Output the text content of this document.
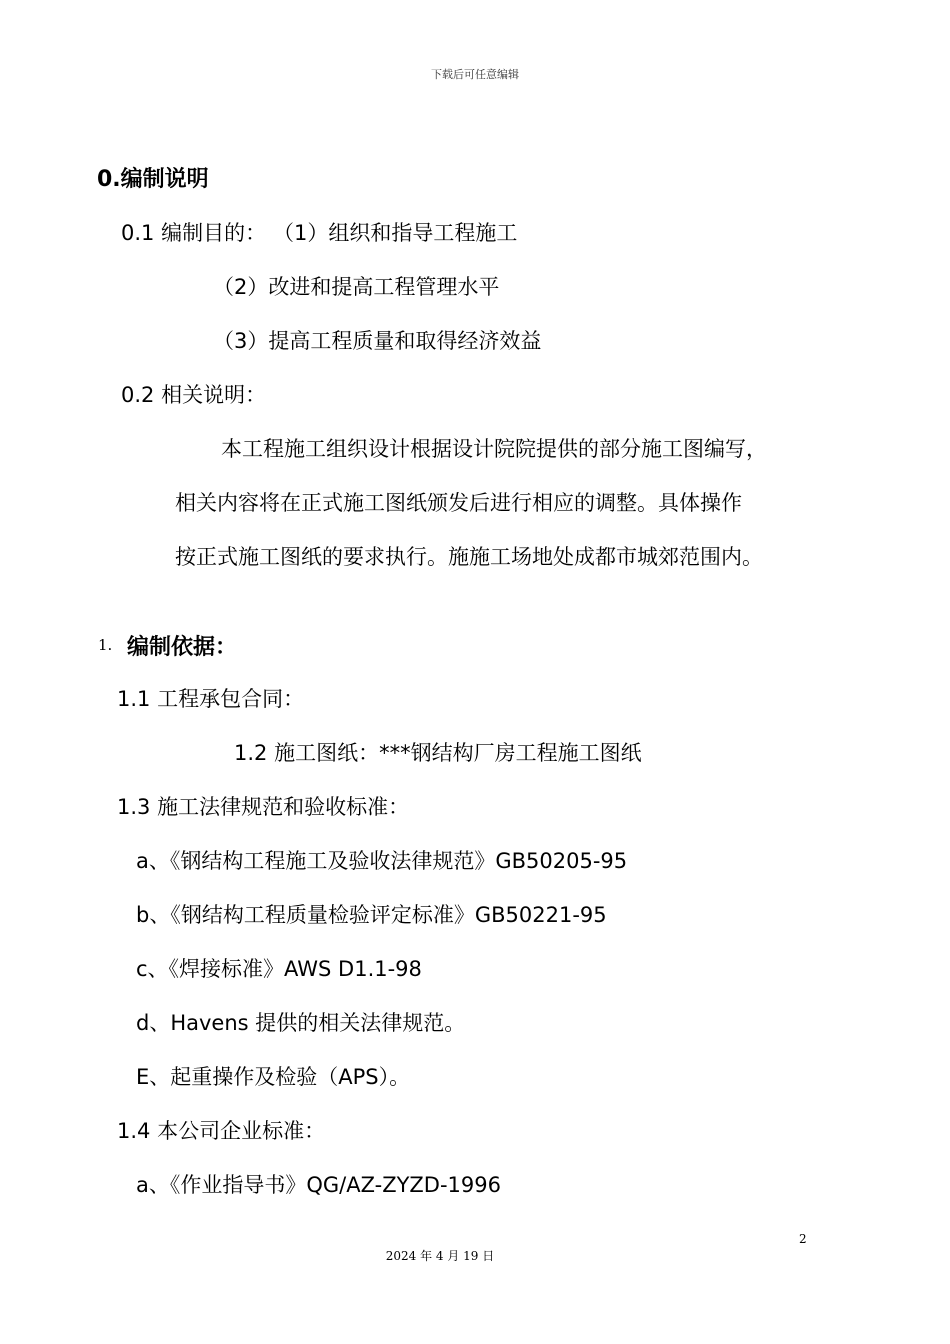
下载后可任意编辑
0.编制说明
0.1 编制目的： （1）组织和指导工程施工
（2）改进和提高工程管理水平
（3）提高工程质量和取得经济效益
0.2 相关说明：
本工程施工组织设计根据设计院院提供的部分施工图编写，
相关内容将在正式施工图纸颁发后进行相应的调整。具体操作
按正式施工图纸的要求执行。施施工场地处成都市城郊范围内。
1. 编制依据：
1.1 工程承包合同：
1.2 施工图纸：***钢结构厂房工程施工图纸
1.3 施工法律规范和验收标准：
a、《钢结构工程施工及验收法律规范》GB50205-95
b、《钢结构工程质量检验评定标准》GB50221-95
c、《焊接标准》AWS D1.1-98
d、Havens 提供的相关法律规范。
E、起重操作及检验（APS）。
1.4 本公司企业标准：
a、《作业指导书》QG/AZ-ZYZD-1996
2
2024 年 4 月 19 日
